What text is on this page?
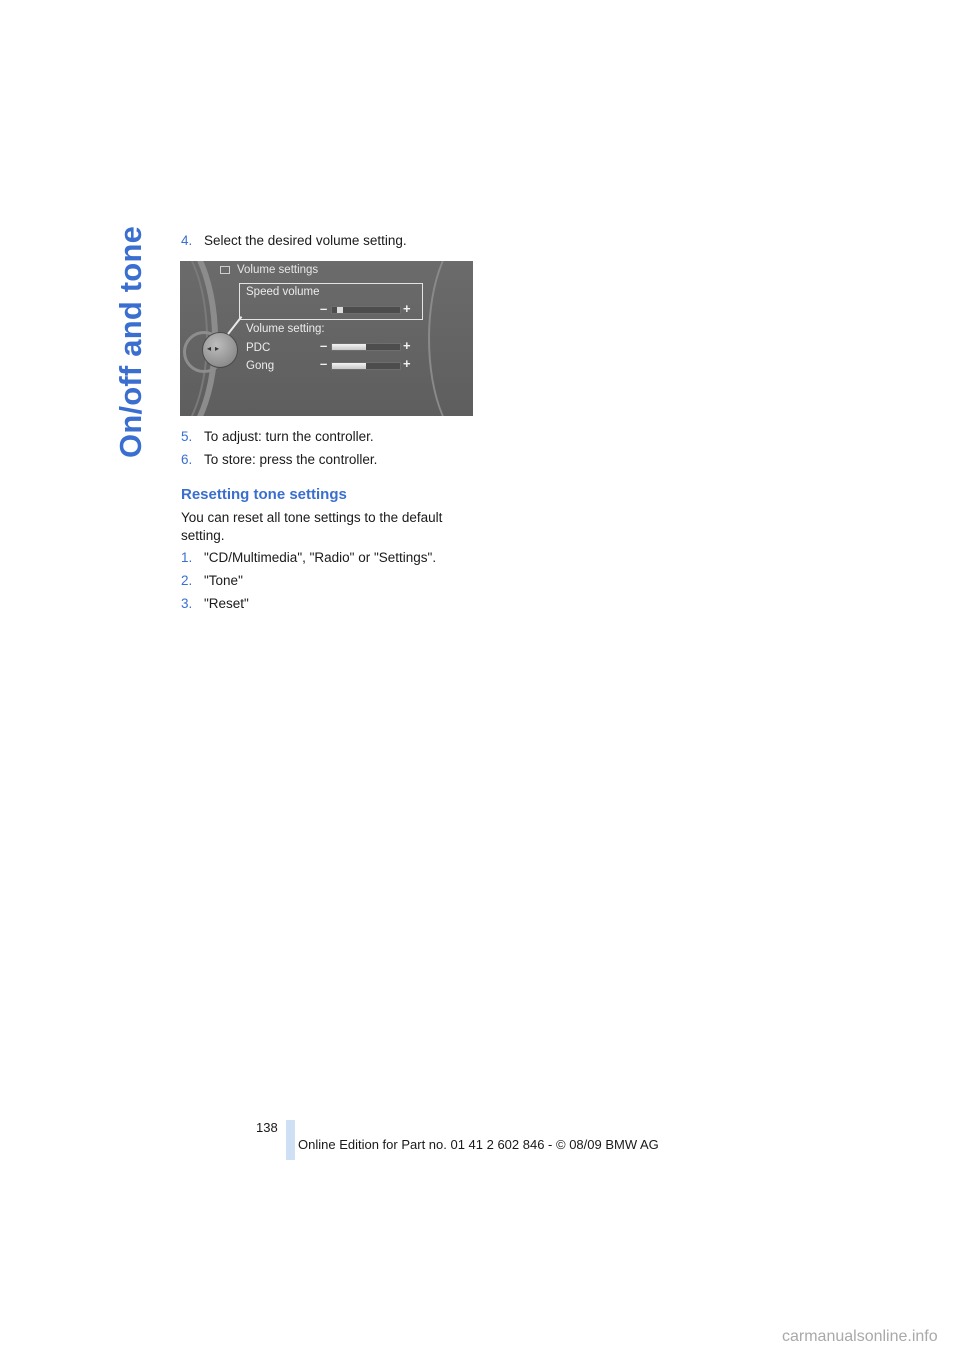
On/off and tone 4. Select the desired volume setting.
◂▸
Volume settings
Speed volume
–	+
Volume setting:
PDC	–	+
Gong	–	+
5. To adjust: turn the controller.
6. To store: press the controller.
Resetting tone settings
You can reset all tone settings to the default setting.
1. "CD/Multimedia", "Radio" or "Settings".
2. "Tone"
3. "Reset"
138
Online Edition for Part no. 01 41 2 602 846 - © 08/09 BMW AG
carmanualsonline.info
